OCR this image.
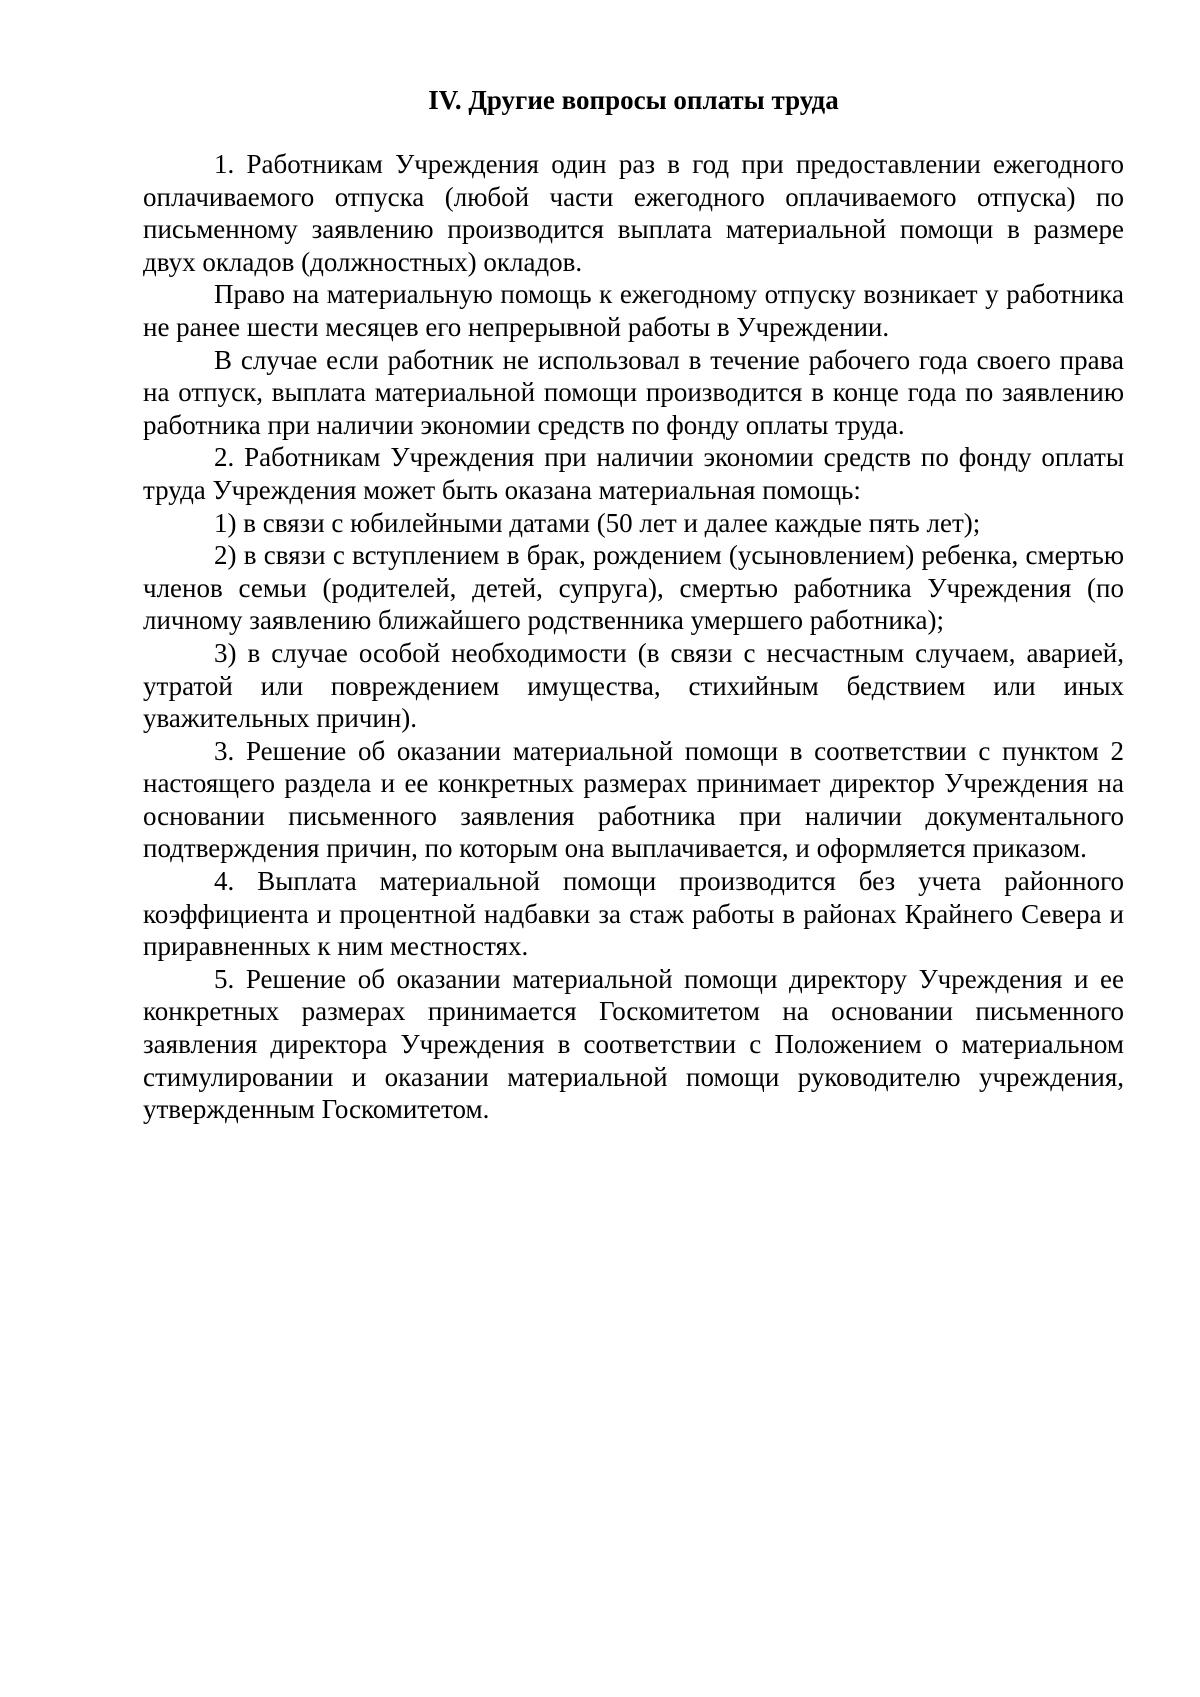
IV. Другие вопросы оплаты труда

1. Работникам Учреждения один раз в год при предоставлении ежегодного оплачиваемого отпуска (любой части ежегодного оплачиваемого отпуска) по письменному заявлению производится выплата материальной помощи в размере двух окладов (должностных) окладов.

Право на материальную помощь к ежегодному отпуску возникает у работника не ранее шести месяцев его непрерывной работы в Учреждении.

В случае если работник не использовал в течение рабочего года своего права на отпуск, выплата материальной помощи производится в конце года по заявлению работника при наличии экономии средств по фонду оплаты труда.

2. Работникам Учреждения при наличии экономии средств по фонду оплаты труда Учреждения может быть оказана материальная помощь:

1) в связи с юбилейными датами (50 лет и далее каждые пять лет);

2) в связи с вступлением в брак, рождением (усыновлением) ребенка, смертью членов семьи (родителей, детей, супруга), смертью работника Учреждения (по личному заявлению ближайшего родственника умершего работника);

3) в случае особой необходимости (в связи с несчастным случаем, аварией, утратой или повреждением имущества, стихийным бедствием или иных уважительных причин).

3. Решение об оказании материальной помощи в соответствии с пунктом 2 настоящего раздела и ее конкретных размерах принимает директор Учреждения на основании письменного заявления работника при наличии документального подтверждения причин, по которым она выплачивается, и оформляется приказом.

4. Выплата материальной помощи производится без учета районного коэффициента и процентной надбавки за стаж работы в районах Крайнего Севера и приравненных к ним местностях.

5. Решение об оказании материальной помощи директору Учреждения и ее конкретных размерах принимается Госкомитетом на основании письменного заявления директора Учреждения в соответствии с Положением о материальном стимулировании и оказании материальной помощи руководителю учреждения, утвержденным Госкомитетом.
